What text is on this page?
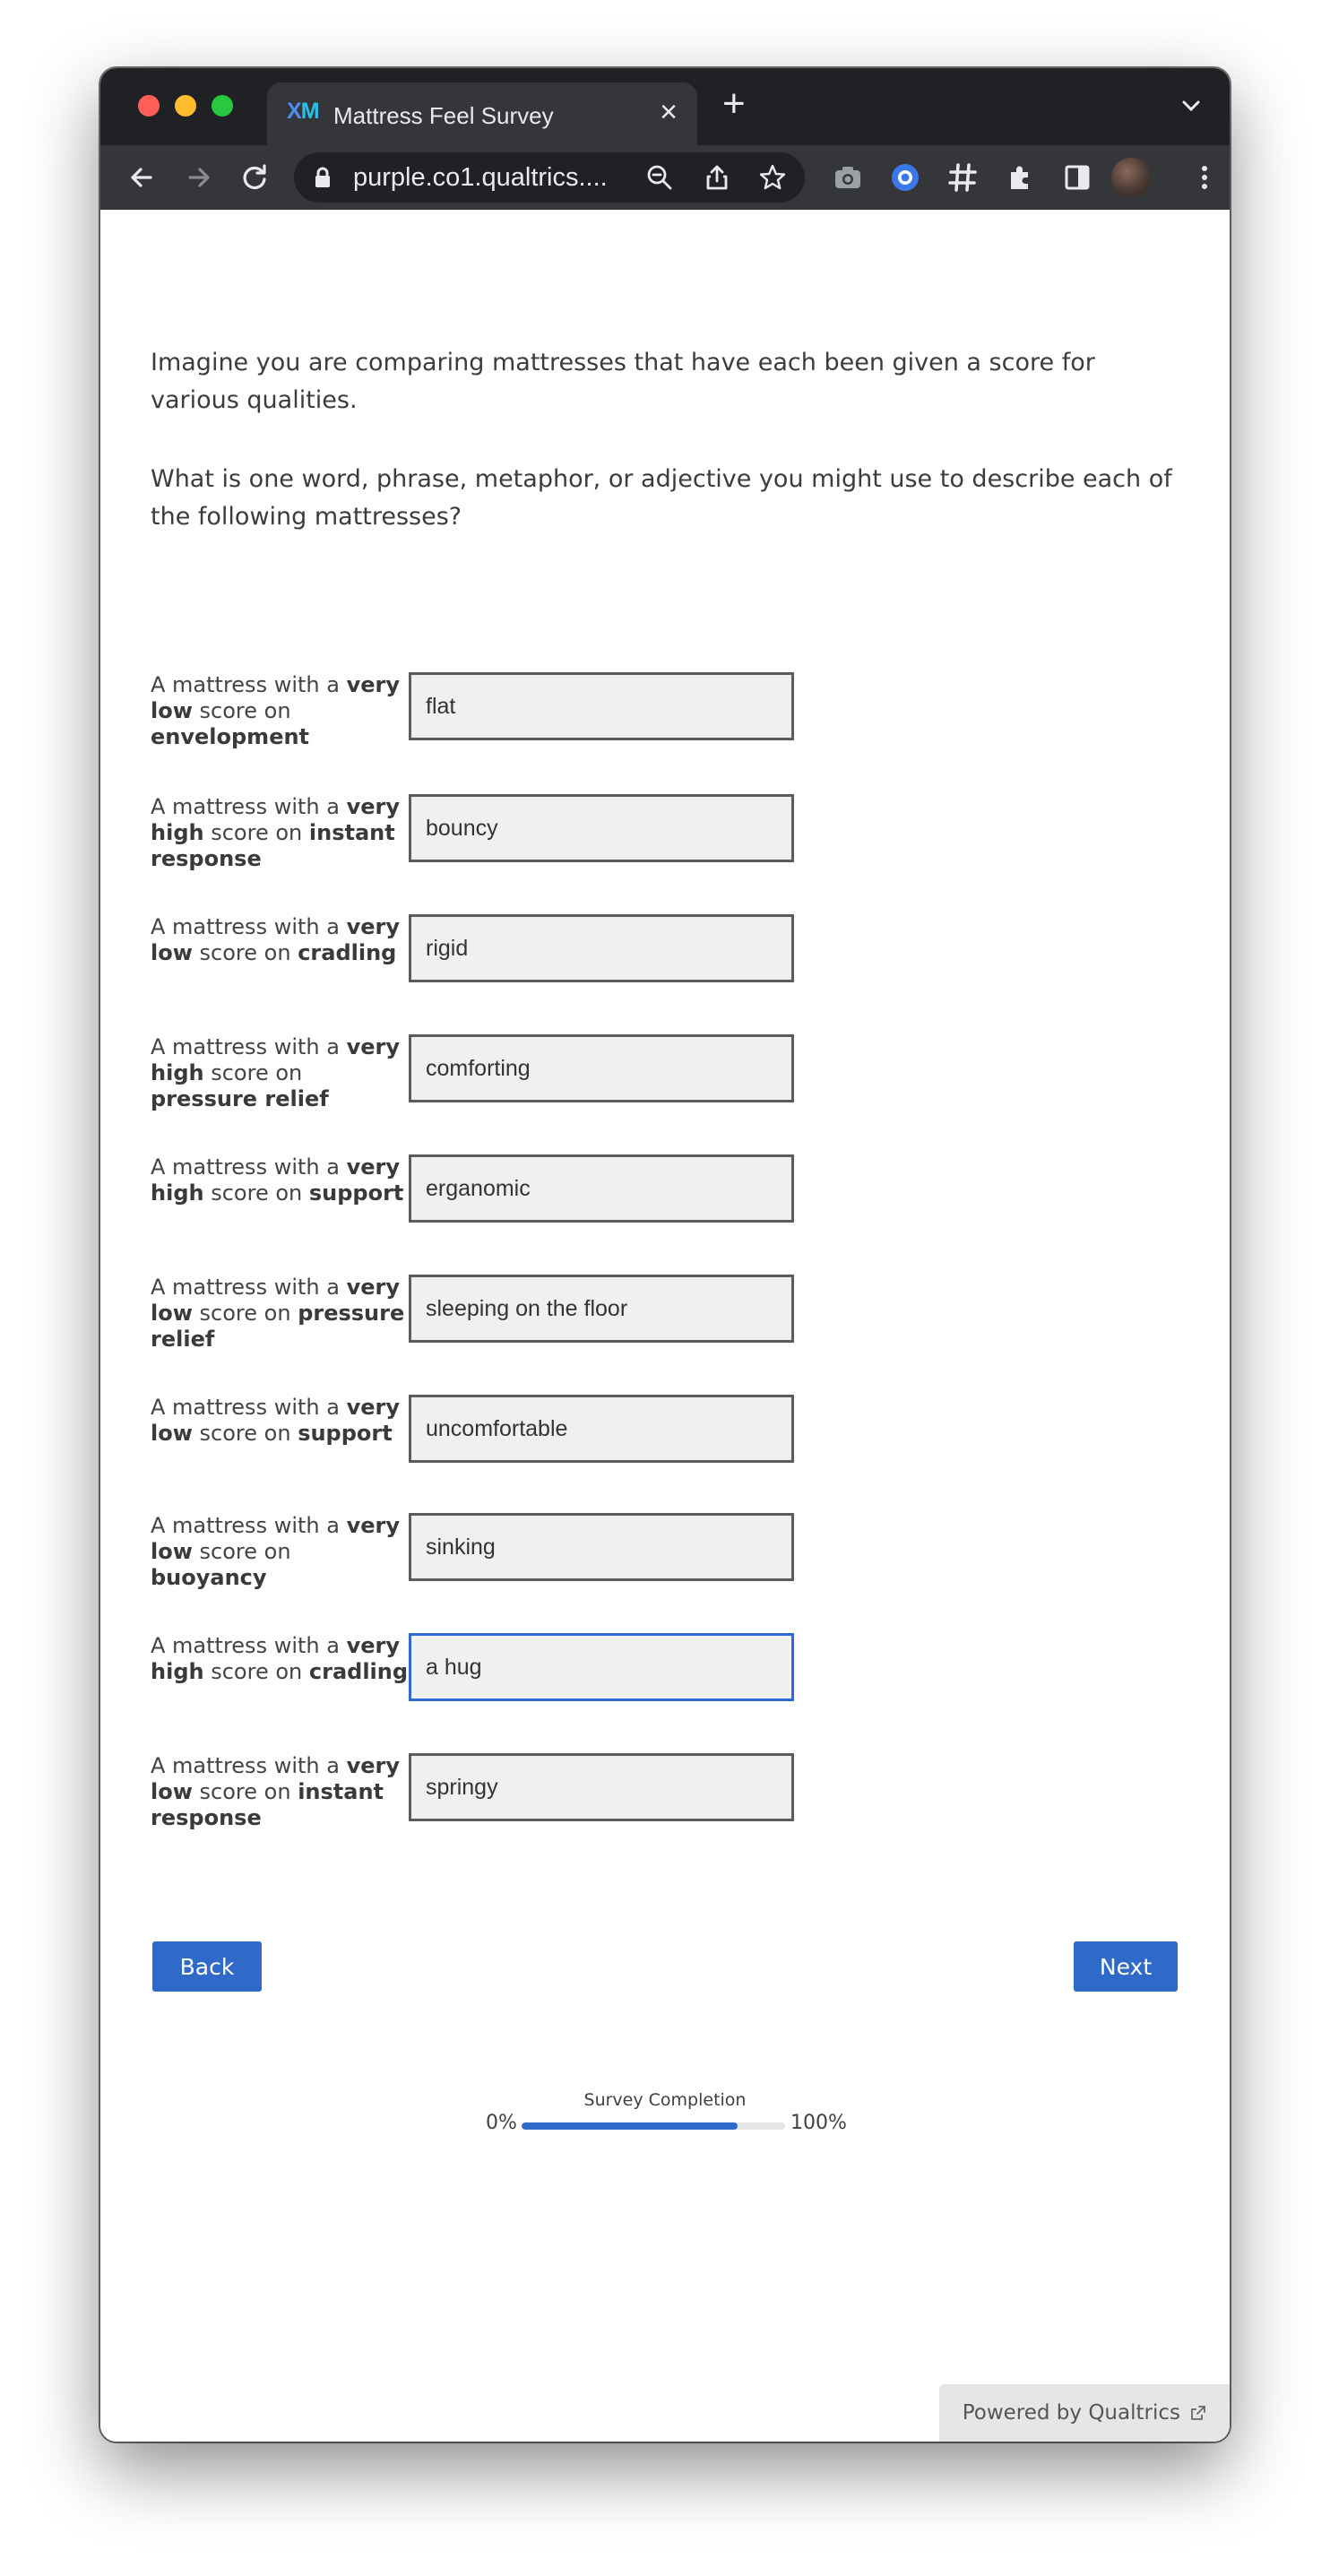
XM Mattress Feel Survey	× +
purple.co1.qualtrics....

Imagine you are comparing mattresses that have each been given a score for various qualities.

What is one word, phrase, metaphor, or adjective you might use to describe each of the following mattresses?

A mattress with a very low score on envelopment
flat
A mattress with a very high score on instant response
bouncy
A mattress with a very low score on cradling
rigid
A mattress with a very high score on pressure relief
comforting
A mattress with a very high score on support
erganomic
A mattress with a very low score on pressure relief
sleeping on the floor
A mattress with a very low score on support
uncomfortable
A mattress with a very low score on buoyancy
sinking
A mattress with a very high score on cradling
a hug
A mattress with a very low score on instant response
springy
Back	Next
Survey Completion
0%	100%
Powered by Qualtrics
